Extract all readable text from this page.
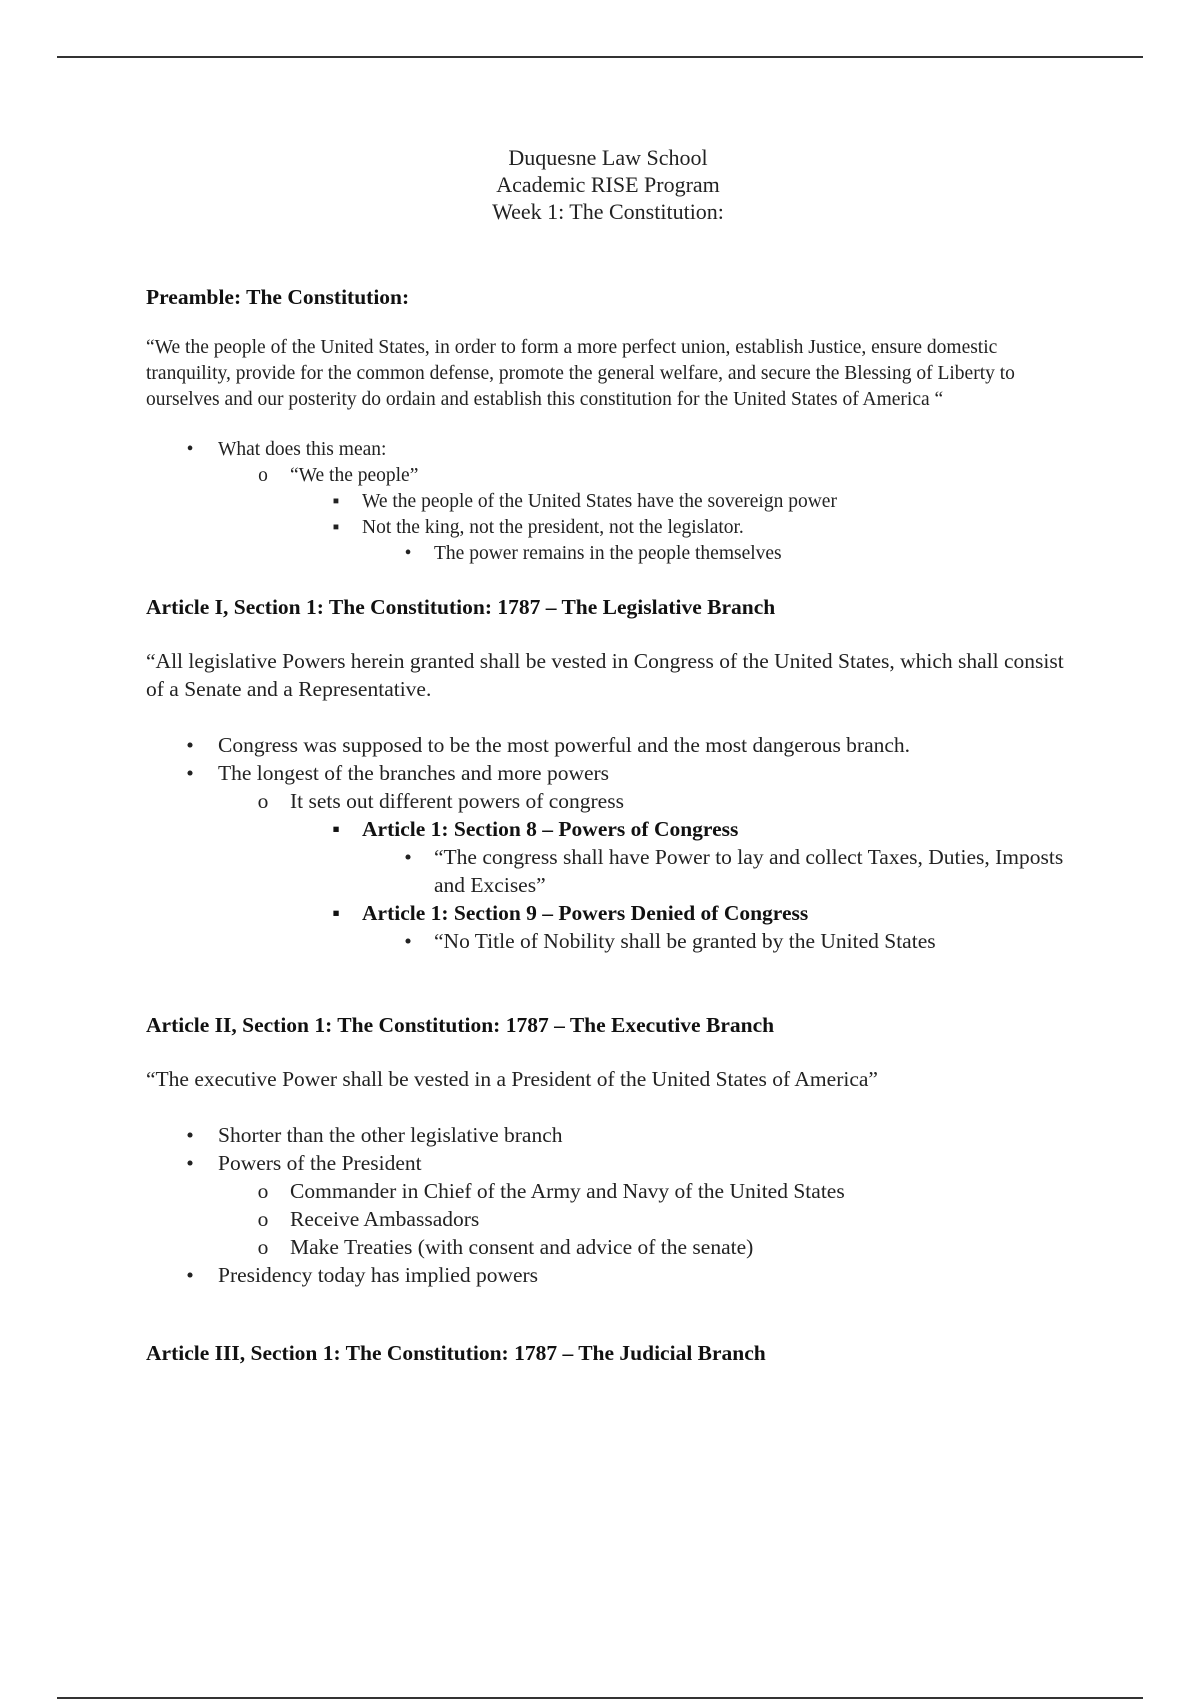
Duquesne Law School
Academic RISE Program
Week 1: The Constitution:
Preamble: The Constitution:

“We the people of the United States, in order to form a more perfect union, establish Justice, ensure domestic tranquility, provide for the common defense, promote the general welfare, and secure the Blessing of Liberty to ourselves and our posterity do ordain and establish this constitution for the United States of America “

•	What does this mean:
o “We the people”
▪	We the people of the United States have the sovereign power
▪	Not the king, not the president, not the legislator.
•	The power remains in the people themselves
Article I, Section 1: The Constitution: 1787 – The Legislative Branch

“All legislative Powers herein granted shall be vested in Congress of the United States, which shall consist of a Senate and a Representative.

• Congress was supposed to be the most powerful and the most dangerous branch.
• The longest of the branches and more powers
o It sets out different powers of congress
▪ Article 1: Section 8 – Powers of Congress
• “The congress shall have Power to lay and collect Taxes, Duties, Imposts and Excises”
▪ Article 1: Section 9 – Powers Denied of Congress
• “No Title of Nobility shall be granted by the United States
Article II, Section 1: The Constitution: 1787 – The Executive Branch

“The executive Power shall be vested in a President of the United States of America”

• Shorter than the other legislative branch
• Powers of the President
o Commander in Chief of the Army and Navy of the United States
o Receive Ambassadors
o Make Treaties (with consent and advice of the senate)
• Presidency today has implied powers
Article III, Section 1: The Constitution: 1787 – The Judicial Branch
